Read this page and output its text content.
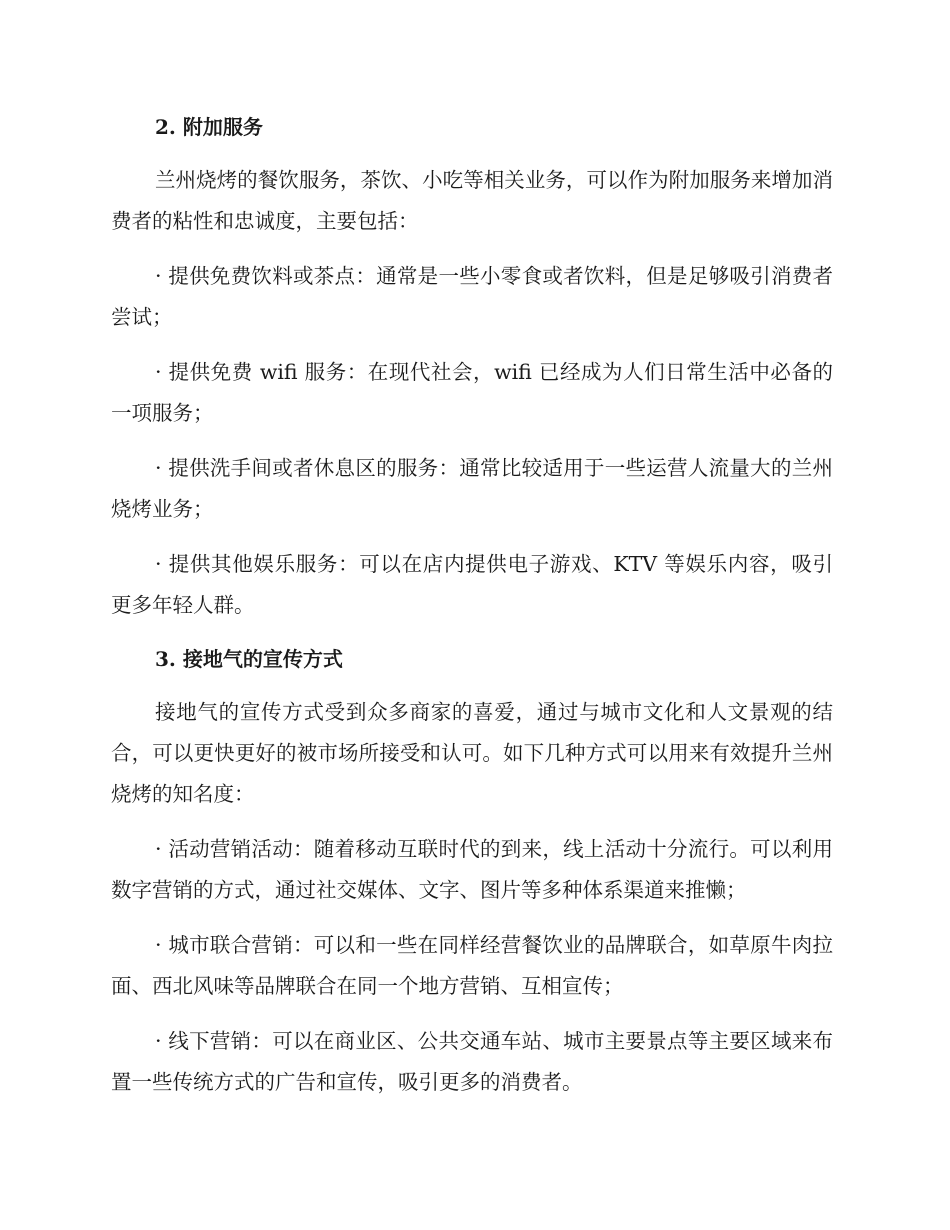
2. 附加服务

兰州烧烤的餐饮服务，茶饮、小吃等相关业务，可以作为附加服务来增加消费者的粘性和忠诚度，主要包括：

· 提供免费饮料或茶点：通常是一些小零食或者饮料，但是足够吸引消费者尝试；

· 提供免费 wifi 服务：在现代社会，wifi 已经成为人们日常生活中必备的一项服务；

· 提供洗手间或者休息区的服务：通常比较适用于一些运营人流量大的兰州烧烤业务；

· 提供其他娱乐服务：可以在店内提供电子游戏、KTV 等娱乐内容，吸引更多年轻人群。

3. 接地气的宣传方式

接地气的宣传方式受到众多商家的喜爱，通过与城市文化和人文景观的结合，可以更快更好的被市场所接受和认可。如下几种方式可以用来有效提升兰州烧烤的知名度：

· 活动营销活动：随着移动互联时代的到来，线上活动十分流行。可以利用数字营销的方式，通过社交媒体、文字、图片等多种体系渠道来推懒；

· 城市联合营销：可以和一些在同样经营餐饮业的品牌联合，如草原牛肉拉面、西北风味等品牌联合在同一个地方营销、互相宣传；

· 线下营销：可以在商业区、公共交通车站、城市主要景点等主要区域来布置一些传统方式的广告和宣传，吸引更多的消费者。
